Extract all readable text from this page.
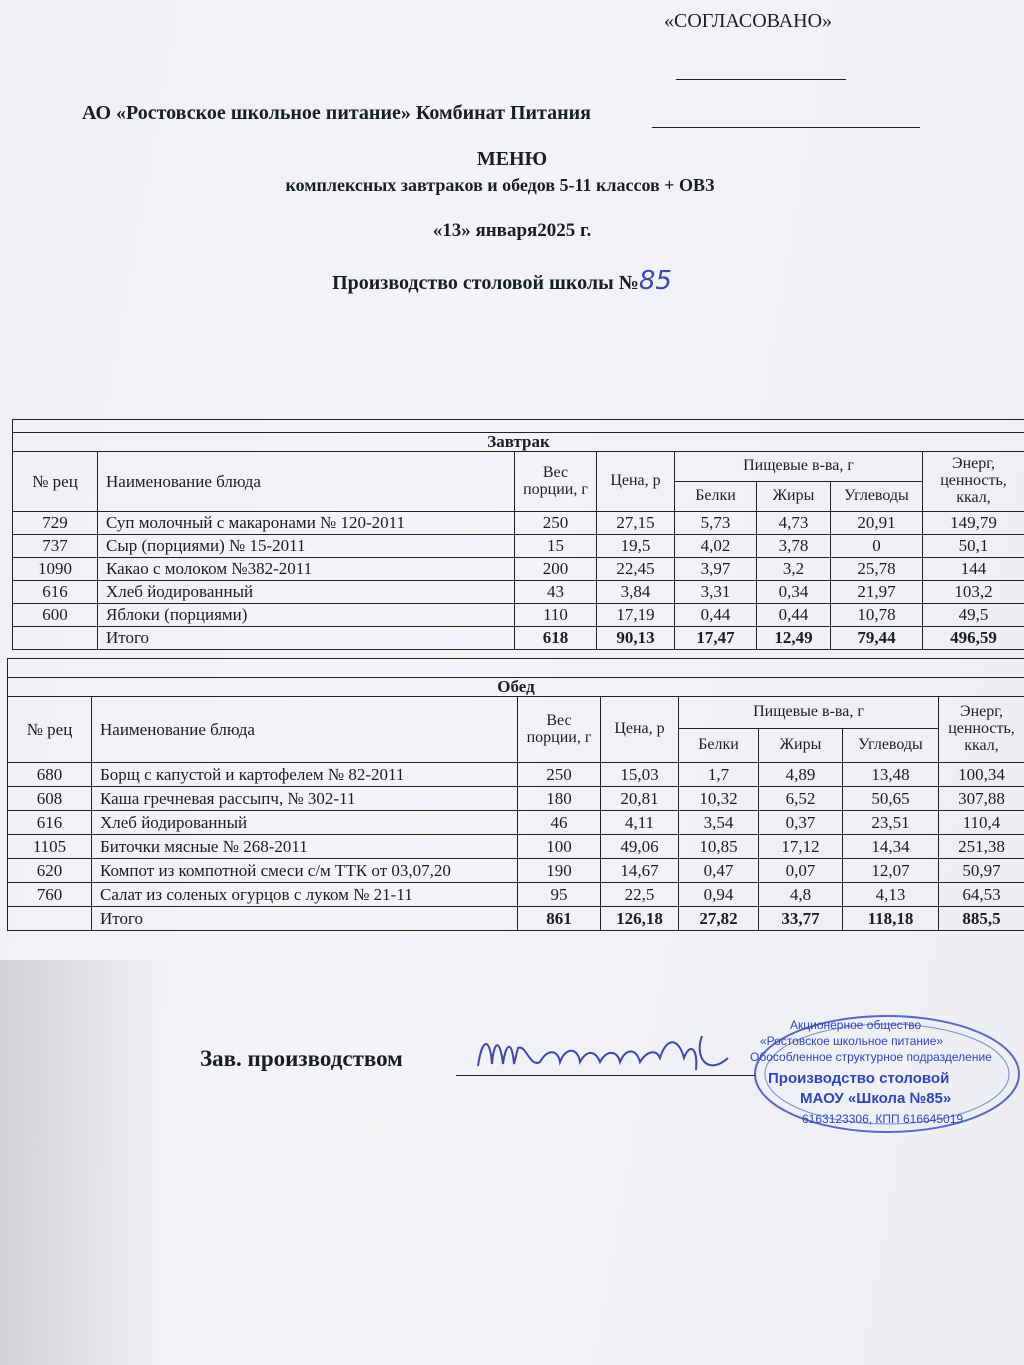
«СОГЛАСОВАНО»
АО «Ростовское школьное питание» Комбинат Питания
МЕНЮ
комплексных завтраков и обедов 5-11 классов + ОВЗ
«13» января2025 г.
Производство столовой школы №85

Завтрак							
№ рец	Наименование блюда	Вес порции, г	Цена, р	Пищевые в-ва, г			Энерг, ценность, ккал,
				Белки	Жиры	Углеводы	
729	Суп молочный с макаронами № 120-2011	250	27,15	5,73	4,73	20,91	149,79
737	Сыр (порциями) № 15-2011	15	19,5	4,02	3,78	0	50,1
1090	Какао с молоком №382-2011	200	22,45	3,97	3,2	25,78	144
616	Хлеб йодированный	43	3,84	3,31	0,34	21,97	103,2
600	Яблоки (порциями)	110	17,19	0,44	0,44	10,78	49,5
	Итого	618	90,13	17,47	12,49	79,44	496,59

Обед							
№ рец	Наименование блюда	Вес порции, г	Цена, р	Пищевые в-ва, г			Энерг, ценность, ккал,
				Белки	Жиры	Углеводы	
680	Борщ с капустой и картофелем № 82-2011	250	15,03	1,7	4,89	13,48	100,34
608	Каша гречневая рассыпч, № 302-11	180	20,81	10,32	6,52	50,65	307,88
616	Хлеб йодированный	46	4,11	3,54	0,37	23,51	110,4
1105	Биточки мясные № 268-2011	100	49,06	10,85	17,12	14,34	251,38
620	Компот из компотной смеси с/м ТТК от 03,07,20	190	14,67	0,47	0,07	12,07	50,97
760	Салат из соленых огурцов с луком № 21-11	95	22,5	0,94	4,8	4,13	64,53
	Итого	861	126,18	27,82	33,77	118,18	885,5
Зав. производством
Акционерное общество
«Ростовское школьное питание»
Обособленное структурное подразделение
Производство столовой
МАОУ «Школа №85»
6163123306, КПП 616645019
